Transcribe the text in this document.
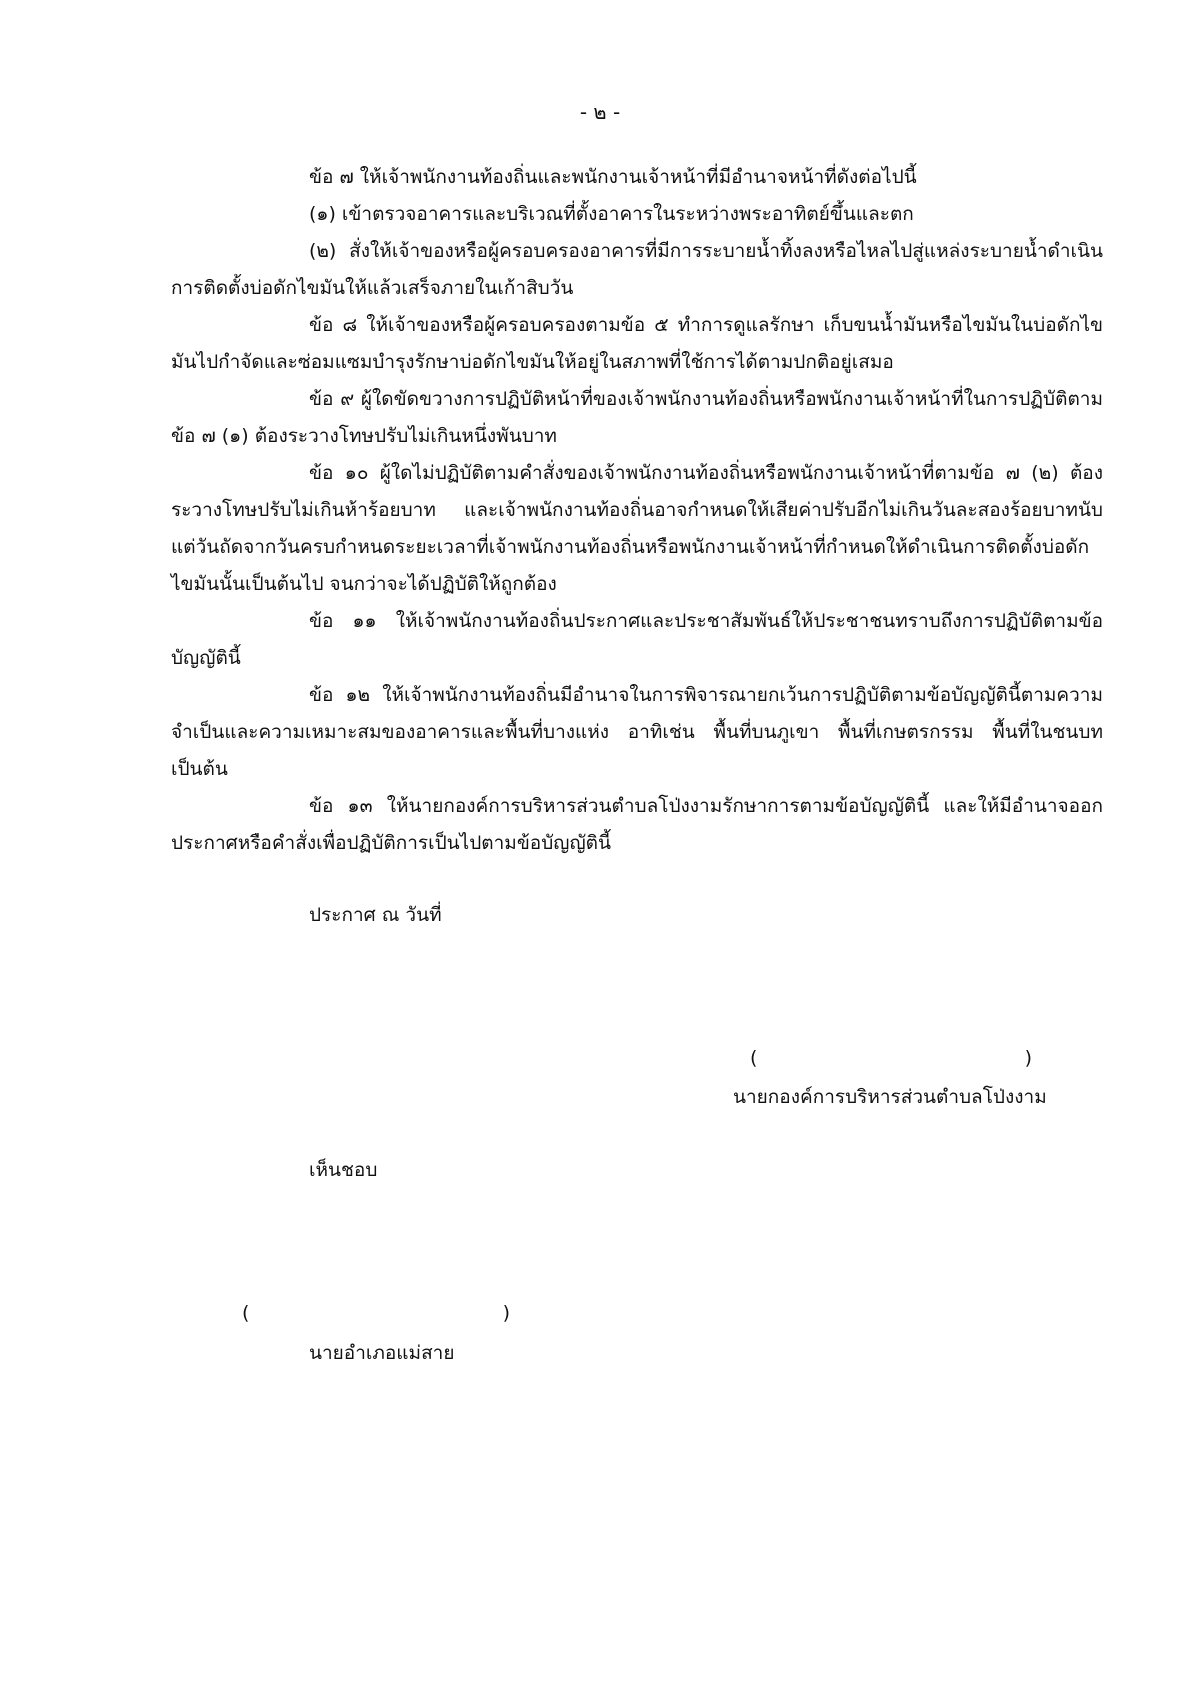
- ๒ -

ข้อ ๗ ให้เจ้าพนักงานท้องถิ่นและพนักงานเจ้าหน้าที่มีอำนาจหน้าที่ดังต่อไปนี้

(๑) เข้าตรวจอาคารและบริเวณที่ตั้งอาคารในระหว่างพระอาทิตย์ขึ้นและตก

(๒) สั่งให้เจ้าของหรือผู้ครอบครองอาคารที่มีการระบายน้ำทิ้งลงหรือไหลไปสู่แหล่งระบายน้ำดำเนินการติดตั้งบ่อดักไขมันให้แล้วเสร็จภายในเก้าสิบวัน

ข้อ ๘ ให้เจ้าของหรือผู้ครอบครองตามข้อ ๕ ทำการดูแลรักษา เก็บขนน้ำมันหรือไขมันในบ่อดักไขมันไปกำจัดและซ่อมแซมบำรุงรักษาบ่อดักไขมันให้อยู่ในสภาพที่ใช้การได้ตามปกติอยู่เสมอ

ข้อ ๙ ผู้ใดขัดขวางการปฏิบัติหน้าที่ของเจ้าพนักงานท้องถิ่นหรือพนักงานเจ้าหน้าที่ในการปฏิบัติตาม ข้อ ๗ (๑) ต้องระวางโทษปรับไม่เกินหนึ่งพันบาท

ข้อ ๑๐ ผู้ใดไม่ปฏิบัติตามคำสั่งของเจ้าพนักงานท้องถิ่นหรือพนักงานเจ้าหน้าที่ตามข้อ ๗ (๒) ต้องระวางโทษปรับไม่เกินห้าร้อยบาท และเจ้าพนักงานท้องถิ่นอาจกำหนดให้เสียค่าปรับอีกไม่เกินวันละสองร้อยบาทนับแต่วันถัดจากวันครบกำหนดระยะเวลาที่เจ้าพนักงานท้องถิ่นหรือพนักงานเจ้าหน้าที่กำหนดให้ดำเนินการติดตั้งบ่อดักไขมันนั้นเป็นต้นไป จนกว่าจะได้ปฏิบัติให้ถูกต้อง

ข้อ ๑๑ ให้เจ้าพนักงานท้องถิ่นประกาศและประชาสัมพันธ์ให้ประชาชนทราบถึงการปฏิบัติตามข้อบัญญัตินี้

ข้อ ๑๒ ให้เจ้าพนักงานท้องถิ่นมีอำนาจในการพิจารณายกเว้นการปฏิบัติตามข้อบัญญัตินี้ตามความจำเป็นและความเหมาะสมของอาคารและพื้นที่บางแห่ง อาทิเช่น พื้นที่บนภูเขา พื้นที่เกษตรกรรม พื้นที่ในชนบทเป็นต้น

ข้อ ๑๓ ให้นายกองค์การบริหารส่วนตำบลโป่งงามรักษาการตามข้อบัญญัตินี้ และให้มีอำนาจออกประกาศหรือคำสั่งเพื่อปฏิบัติการเป็นไปตามข้อบัญญัตินี้

ประกาศ ณ วันที่
(	)
นายกองค์การบริหารส่วนตำบลโป่งงาม
เห็นชอบ
(	)
นายอำเภอแม่สาย
